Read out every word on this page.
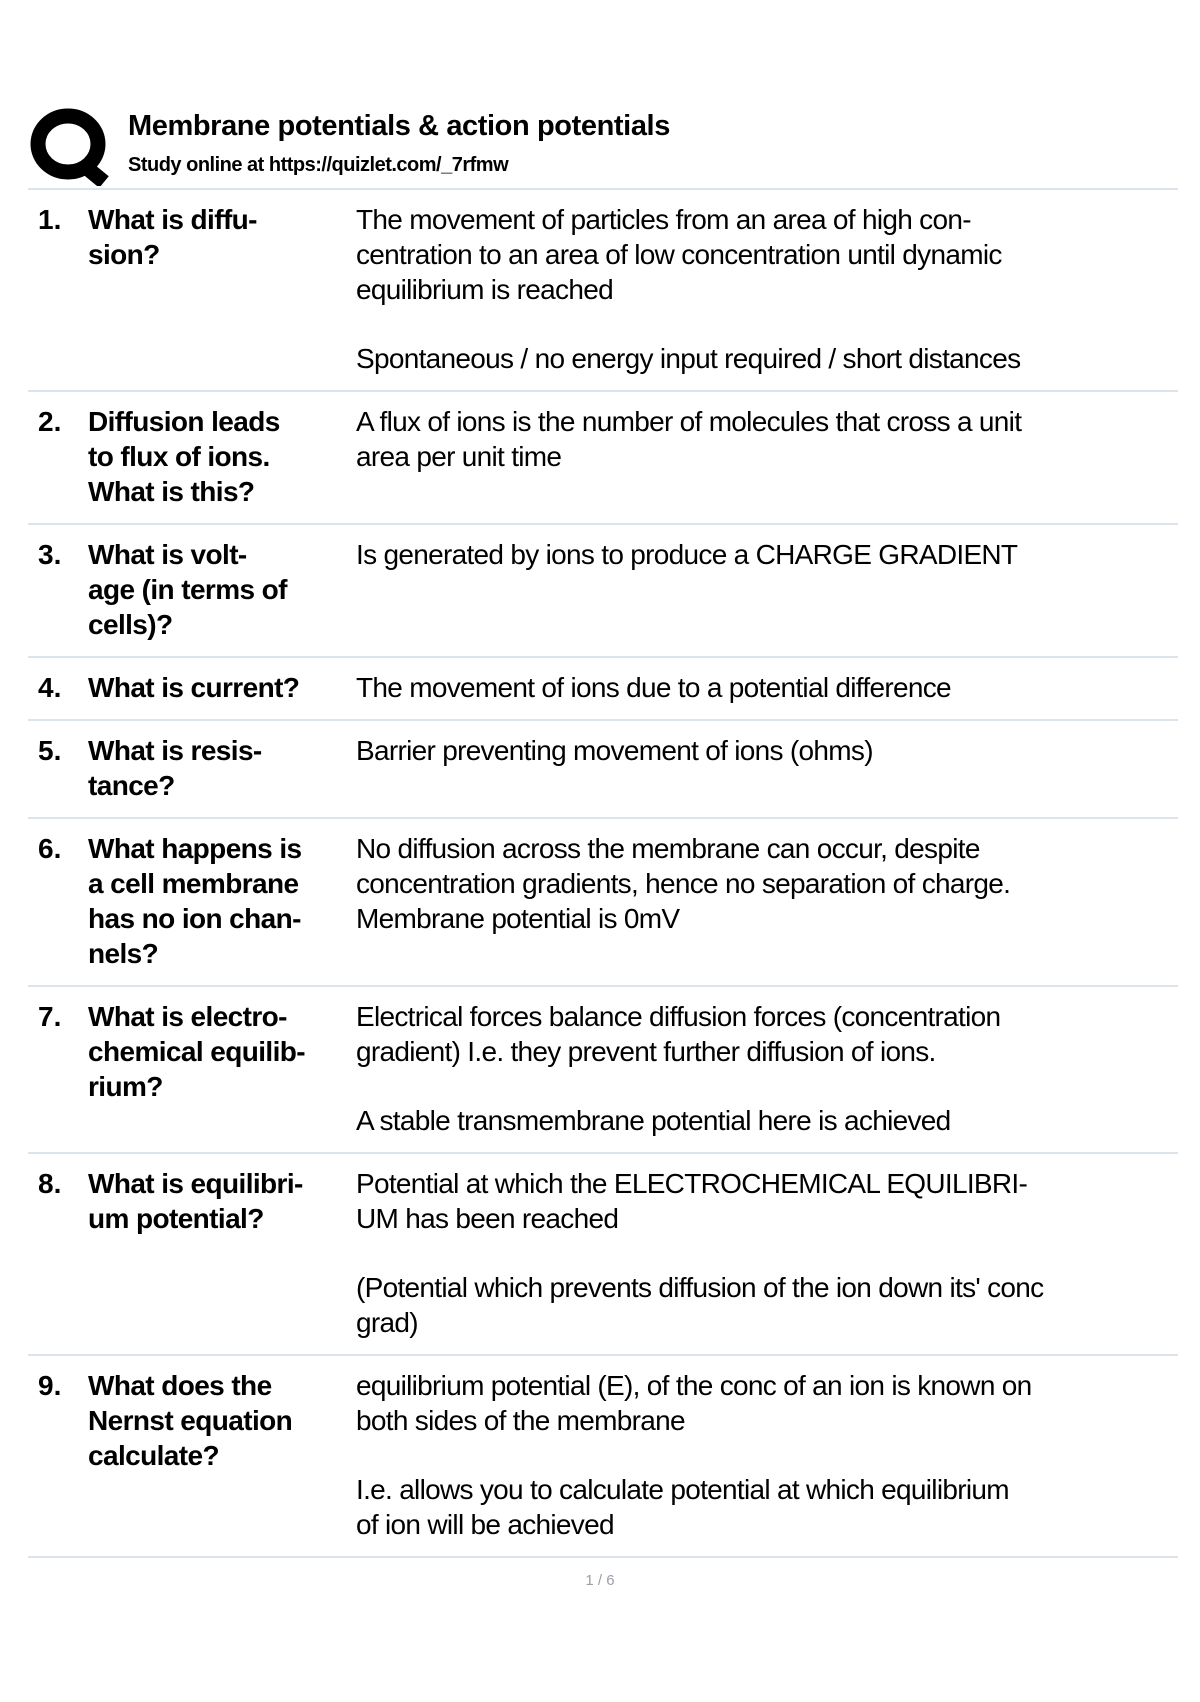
Membrane potentials & action potentials
Study online at https://quizlet.com/_7rfmw
1. What is diffu-
sion?

The movement of particles from an area of high con-
centration to an area of low concentration until dynamic
equilibrium is reached

Spontaneous / no energy input required / short distances

2. Diffusion leads
to flux of ions.
What is this?

A flux of ions is the number of molecules that cross a unit
area per unit time

3. What is volt-
age (in terms of
cells)?

Is generated by ions to produce a CHARGE GRADIENT

4. What is current?	The movement of ions due to a potential difference

5. What is resis-
tance?

Barrier preventing movement of ions (ohms)

6. What happens is
a cell membrane
has no ion chan-
nels?

No diffusion across the membrane can occur, despite
concentration gradients, hence no separation of charge.
Membrane potential is 0mV

7. What is electro-
chemical equilib-
rium?

Electrical forces balance diffusion forces (concentration
gradient) I.e. they prevent further diffusion of ions.

A stable transmembrane potential here is achieved

8. What is equilibri-
um potential?

Potential at which the ELECTROCHEMICAL EQUILIBRI-
UM has been reached

(Potential which prevents diffusion of the ion down its' conc
grad)

9. What does the
Nernst equation
calculate?

equilibrium potential (E), of the conc of an ion is known on
both sides of the membrane

I.e. allows you to calculate potential at which equilibrium
of ion will be achieved

1 / 6
